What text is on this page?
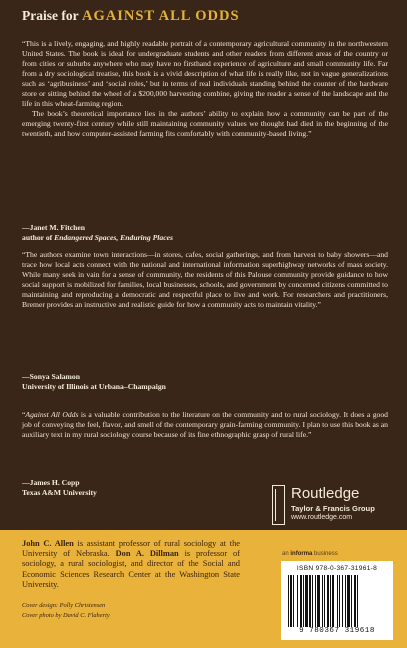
Praise for AGAINST ALL ODDS

“This is a lively, engaging, and highly readable portrait of a contemporary agricultural community in the northwestern United States. The book is ideal for undergraduate students and other readers from different areas of the country or from cities or suburbs anywhere who may have no firsthand experience of agriculture and small community life. Far from a dry sociological treatise, this book is a vivid description of what life is really like, not in vague generalizations such as ‘agribusiness’ and ‘social roles,’ but in terms of real individuals standing behind the counter of the hardware store or sitting behind the wheel of a $200,000 harvesting combine, giving the reader a sense of the landscape and the life in this wheat-farming region.

The book’s theoretical importance lies in the authors’ ability to explain how a community can be part of the emerging twenty-first century while still maintaining community values we thought had died in the beginning of the twentieth, and how computer-assisted farming fits comfortably with community-based living.”

—Janet M. Fitchen

author of Endangered Spaces, Enduring Places

“The authors examine town interactions—in stores, cafes, social gatherings, and from harvest to baby showers—and trace how local acts connect with the national and international information superhighway networks of mass society. While many seek in vain for a sense of community, the residents of this Palouse community provide guidance to how social support is mobilized for families, local businesses, schools, and government by concerned citizens committed to maintaining and reproducing a democratic and respectful place to live and work. For researchers and practitioners, Bremer provides an instructive and realistic guide for how a community acts to maintain vitality.”

—Sonya Salamon

University of Illinois at Urbana–Champaign

“Against All Odds is a valuable contribution to the literature on the community and to rural sociology. It does a good job of conveying the feel, flavor, and smell of the contemporary grain-farming community. I plan to use this book as an auxiliary text in my rural sociology course because of its fine ethnographic grasp of rural life.”

—James H. Copp

Texas A&M University	Routledge
Taylor & Francis Group
www.routledge.com
John C. Allen is assistant professor of rural sociology at the University of Nebraska. Don A. Dillman is professor of sociology, a rural sociologist, and director of the Social and Economic Sciences Research Center at the Washington State University.
Cover design: Polly Christensen
Cover photo by David C. Flaherty
an informa business
ISBN 978-0-367-31961-8
9 780367 319618
